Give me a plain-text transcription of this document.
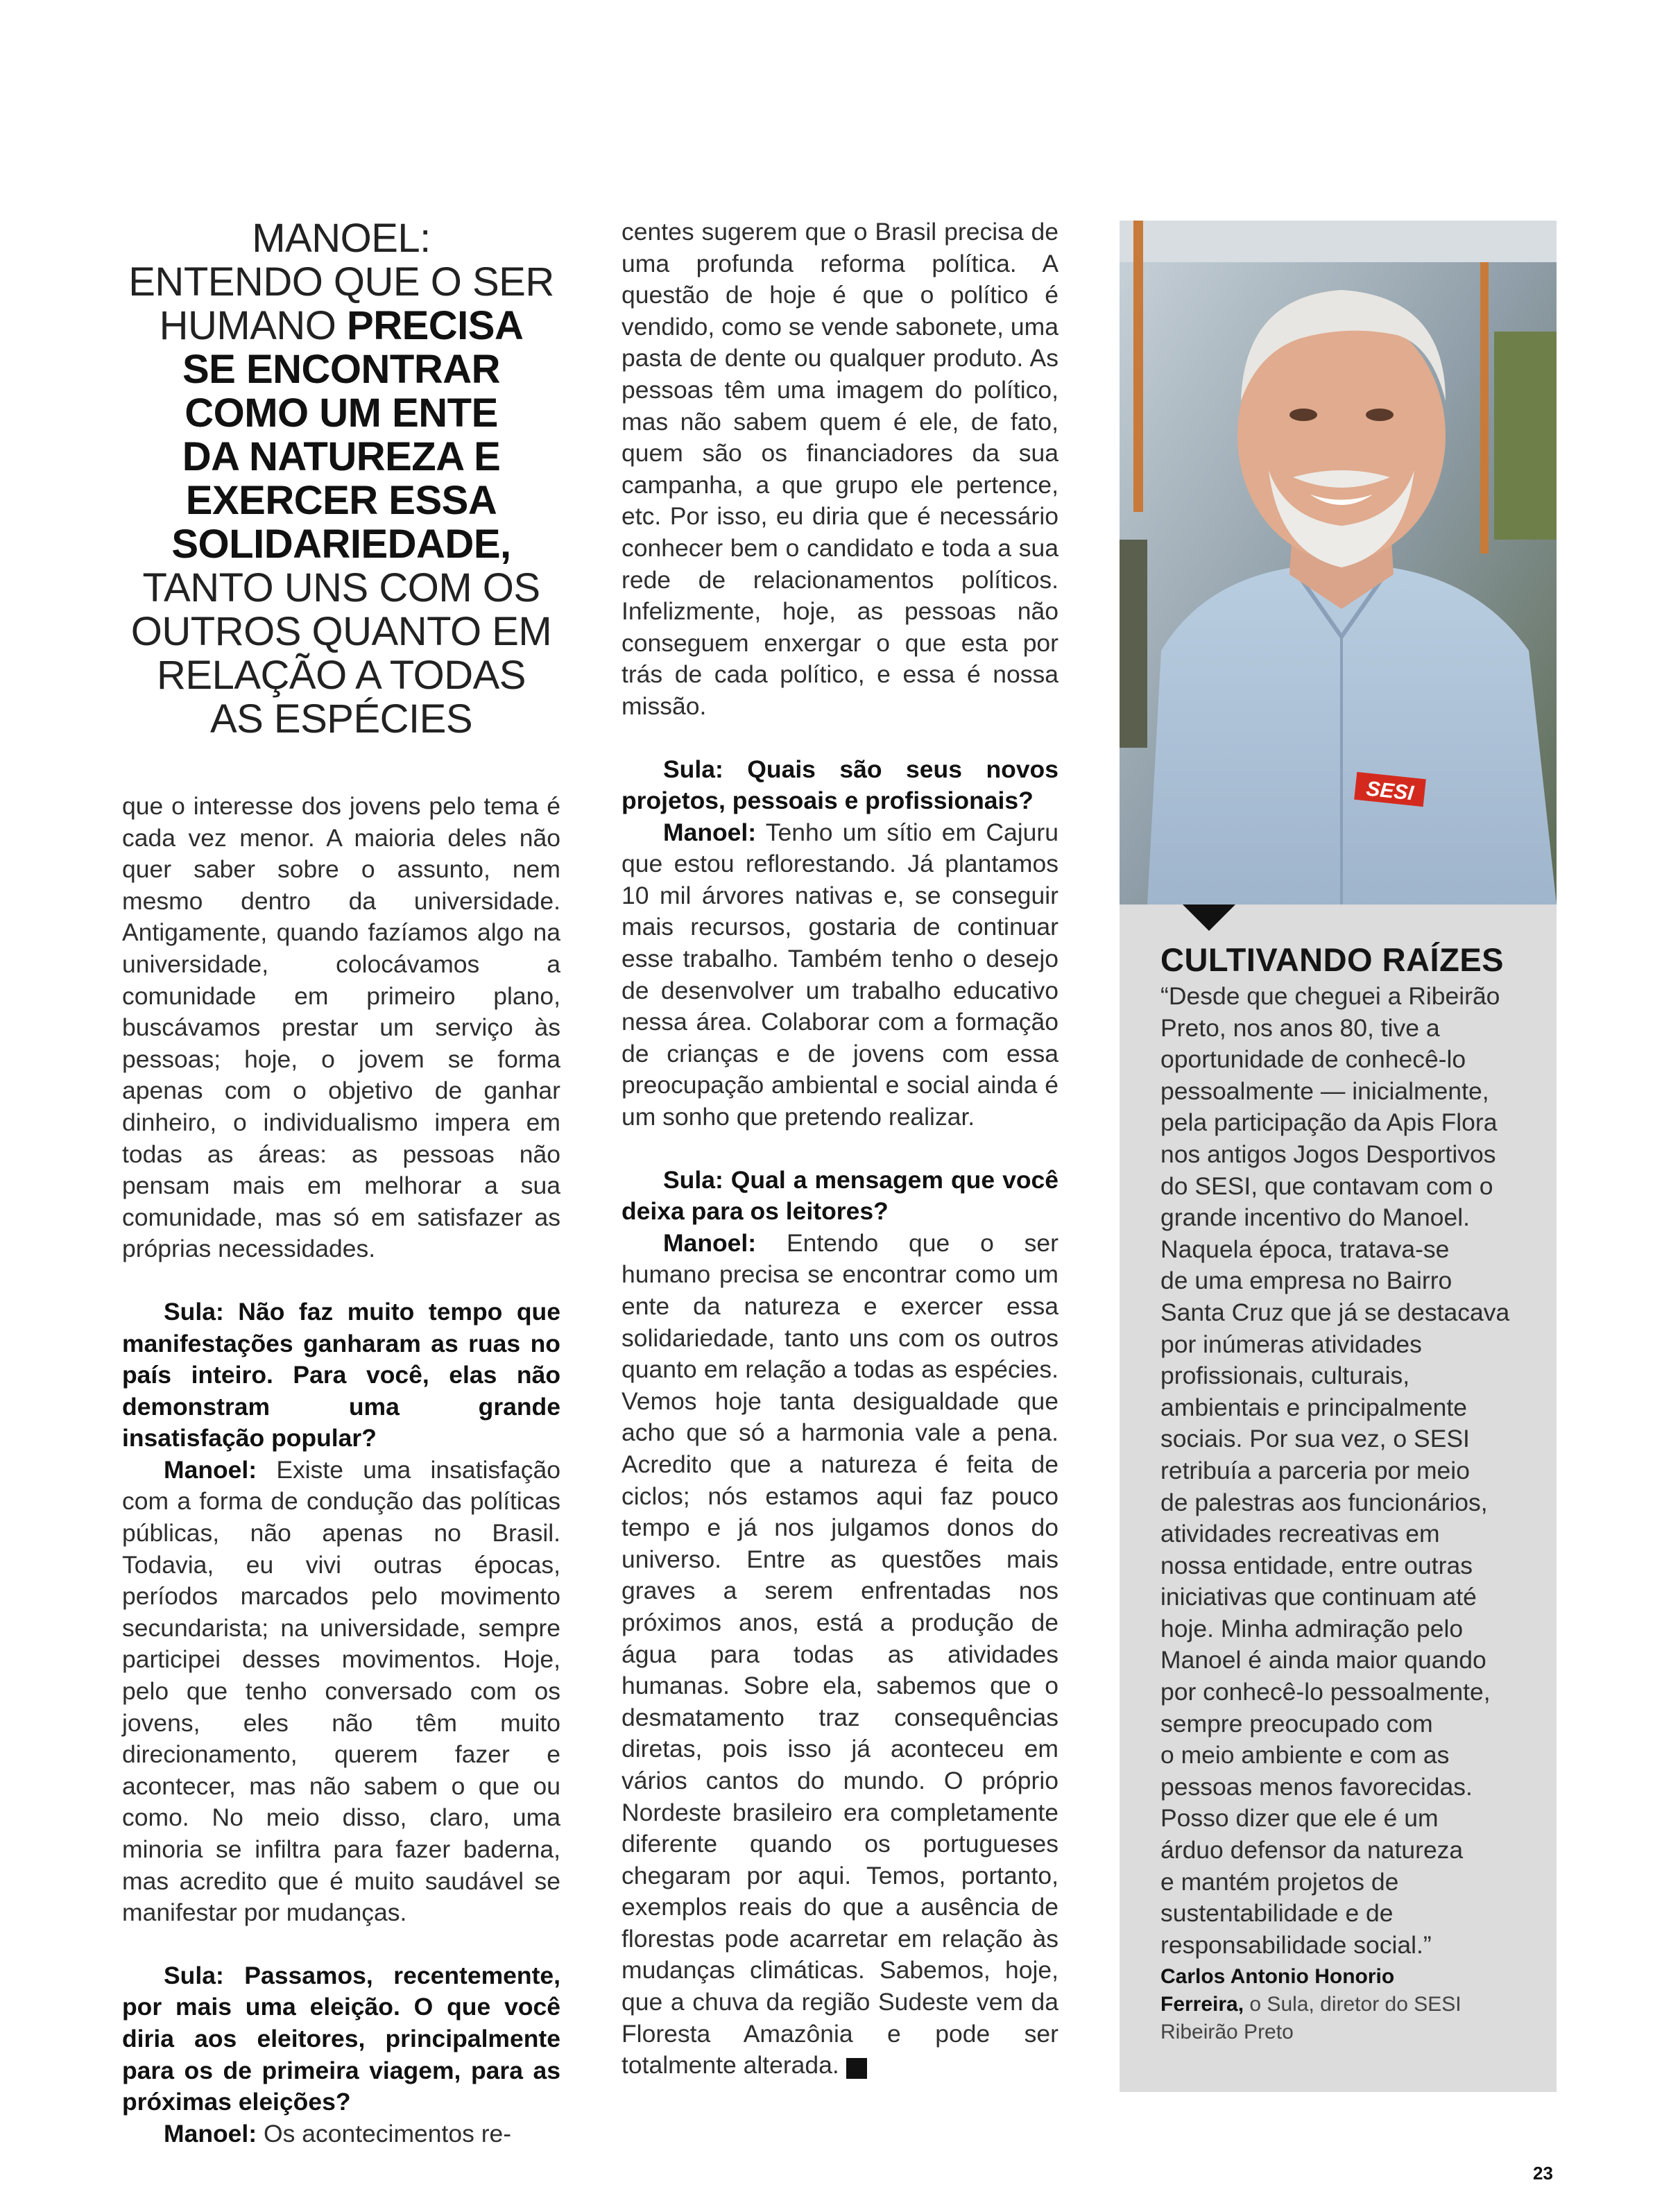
MANOEL:
ENTENDO QUE O SER
HUMANO PRECISA
SE ENCONTRAR
COMO UM ENTE
DA NATUREZA E
EXERCER ESSA
SOLIDARIEDADE,
TANTO UNS COM OS
OUTROS QUANTO EM
RELAÇÃO A TODAS
AS ESPÉCIES

que o interesse dos jovens pelo tema é cada vez menor. A maioria deles não quer saber sobre o assunto, nem mesmo dentro da universidade. Antigamente, quando fazíamos algo na universidade, colocávamos a comunidade em primeiro plano, buscávamos prestar um serviço às pessoas; hoje, o jovem se forma apenas com o objetivo de ganhar dinheiro, o individualismo impera em todas as áreas: as pessoas não pensam mais em melhorar a sua comunidade, mas só em satisfazer as próprias necessidades.

Sula: Não faz muito tempo que manifestações ganharam as ruas no país inteiro. Para você, elas não demonstram uma grande insatisfação popular?

Manoel: Existe uma insatisfação com a forma de condução das políticas públicas, não apenas no Brasil. Todavia, eu vivi outras épocas, períodos marcados pelo movimento secundarista; na universidade, sempre participei desses movimentos. Hoje, pelo que tenho conversado com os jovens, eles não têm muito direcionamento, querem fazer e acontecer, mas não sabem o que ou como. No meio disso, claro, uma minoria se infiltra para fazer baderna, mas acredito que é muito saudável se manifestar por mudanças.

Sula: Passamos, recentemente, por mais uma eleição. O que você diria aos eleitores, principalmente para os de primeira viagem, para as próximas eleições?

Manoel: Os acontecimentos re-

centes sugerem que o Brasil precisa de uma profunda reforma política. A questão de hoje é que o político é vendido, como se vende sabonete, uma pasta de dente ou qualquer produto. As pessoas têm uma imagem do político, mas não sabem quem é ele, de fato, quem são os financiadores da sua campanha, a que grupo ele pertence, etc. Por isso, eu diria que é necessário conhecer bem o candidato e toda a sua rede de relacionamentos políticos. Infelizmente, hoje, as pessoas não conseguem enxergar o que esta por trás de cada político, e essa é nossa missão.

Sula: Quais são seus novos projetos, pessoais e profissionais?

Manoel: Tenho um sítio em Cajuru que estou reflorestando. Já plantamos 10 mil árvores nativas e, se conseguir mais recursos, gostaria de continuar esse trabalho. Também tenho o desejo de desenvolver um trabalho educativo nessa área. Colaborar com a formação de crianças e de jovens com essa preocupação ambiental e social ainda é um sonho que pretendo realizar.

Sula: Qual a mensagem que você deixa para os leitores?

Manoel: Entendo que o ser humano precisa se encontrar como um ente da natureza e exercer essa solidariedade, tanto uns com os outros quanto em relação a todas as espécies. Vemos hoje tanta desigualdade que acho que só a harmonia vale a pena. Acredito que a natureza é feita de ciclos; nós estamos aqui faz pouco tempo e já nos julgamos donos do universo. Entre as questões mais graves a serem enfrentadas nos próximos anos, está a produção de água para todas as atividades humanas. Sobre ela, sabemos que o desmatamento traz consequências diretas, pois isso já aconteceu em vários cantos do mundo. O próprio Nordeste brasileiro era completamente diferente quando os portugueses chegaram por aqui. Temos, portanto, exemplos reais do que a ausência de florestas pode acarretar em relação às mudanças climáticas. Sabemos, hoje, que a chuva da região Sudeste vem da Floresta Amazônia e pode ser totalmente alterada.	r

SESI
CULTIVANDO RAÍZES
“Desde que cheguei a Ribeirão
Preto, nos anos 80, tive a
oportunidade de conhecê-lo
pessoalmente — inicialmente,
pela participação da Apis Flora
nos antigos Jogos Desportivos
do SESI, que contavam com o
grande incentivo do Manoel.
Naquela época, tratava-se
de uma empresa no Bairro
Santa Cruz que já se destacava
por inúmeras atividades
profissionais, culturais,
ambientais e principalmente
sociais. Por sua vez, o SESI
retribuía a parceria por meio
de palestras aos funcionários,
atividades recreativas em
nossa entidade, entre outras
iniciativas que continuam até
hoje. Minha admiração pelo
Manoel é ainda maior quando
por conhecê-lo pessoalmente,
sempre preocupado com
o meio ambiente e com as
pessoas menos favorecidas.
Posso dizer que ele é um
árduo defensor da natureza
e mantém projetos de
sustentabilidade e de
responsabilidade social.”
Carlos Antonio Honorio
Ferreira, o Sula, diretor do SESI
Ribeirão Preto
23
